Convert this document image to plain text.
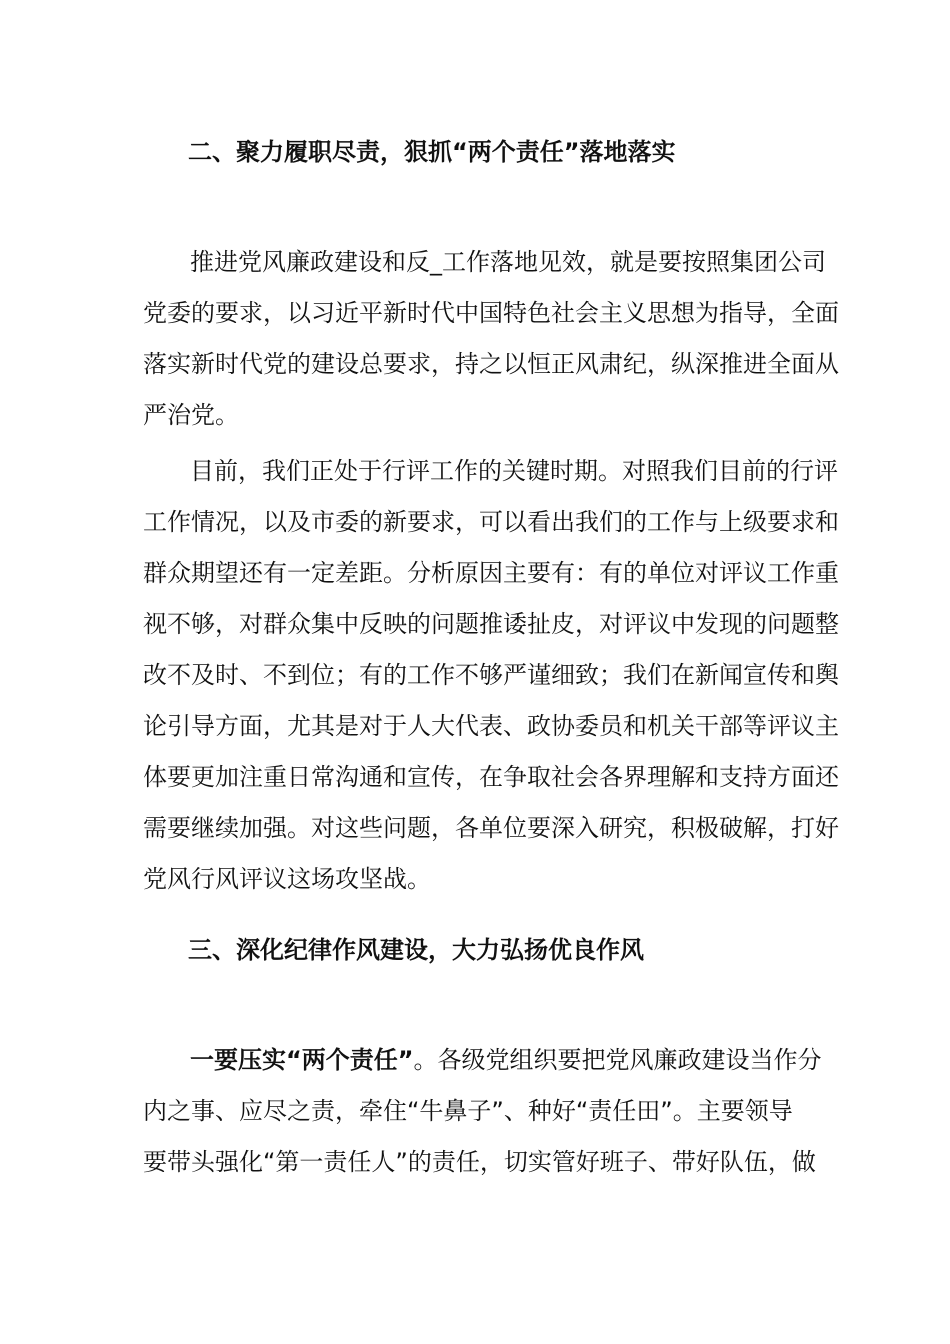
二、聚力履职尽责，狠抓“两个责任”落地落实
推进党风廉政建设和反_工作落地见效，就是要按照集团公司
党委的要求，以习近平新时代中国特色社会主义思想为指导，全面
落实新时代党的建设总要求，持之以恒正风肃纪，纵深推进全面从
严治党。
目前，我们正处于行评工作的关键时期。对照我们目前的行评
工作情况，以及市委的新要求，可以看出我们的工作与上级要求和
群众期望还有一定差距。分析原因主要有：有的单位对评议工作重
视不够，对群众集中反映的问题推诿扯皮，对评议中发现的问题整
改不及时、不到位；有的工作不够严谨细致；我们在新闻宣传和舆
论引导方面，尤其是对于人大代表、政协委员和机关干部等评议主
体要更加注重日常沟通和宣传，在争取社会各界理解和支持方面还
需要继续加强。对这些问题，各单位要深入研究，积极破解，打好
党风行风评议这场攻坚战。
三、深化纪律作风建设，大力弘扬优良作风
一要压实“两个责任”。各级党组织要把党风廉政建设当作分
内之事、应尽之责，牵住“牛鼻子”、种好“责任田”。主要领导
要带头强化“第一责任人”的责任，切实管好班子、带好队伍，做
